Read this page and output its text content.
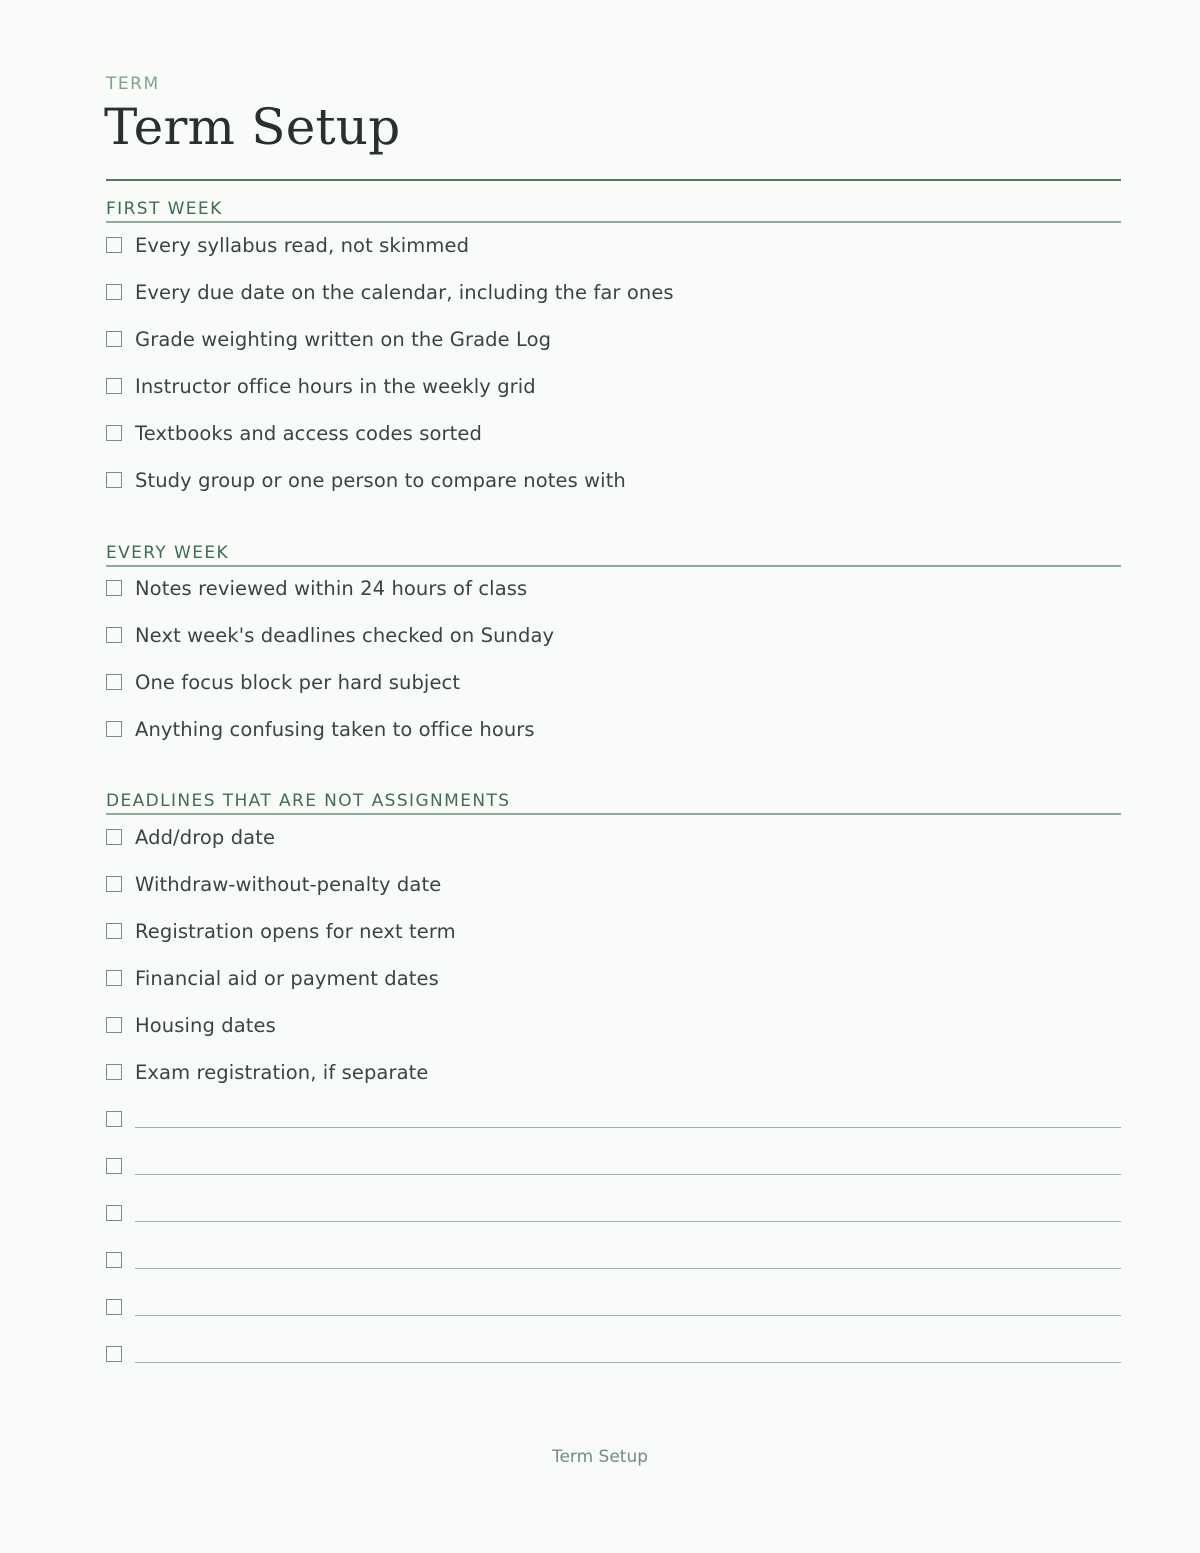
TERM
Term Setup
FIRST WEEK
Every syllabus read, not skimmed
Every due date on the calendar, including the far ones
Grade weighting written on the Grade Log
Instructor office hours in the weekly grid
Textbooks and access codes sorted
Study group or one person to compare notes with
EVERY WEEK
Notes reviewed within 24 hours of class
Next week's deadlines checked on Sunday
One focus block per hard subject
Anything confusing taken to office hours
DEADLINES THAT ARE NOT ASSIGNMENTS
Add/drop date
Withdraw-without-penalty date
Registration opens for next term
Financial aid or payment dates
Housing dates
Exam registration, if separate
Term Setup
